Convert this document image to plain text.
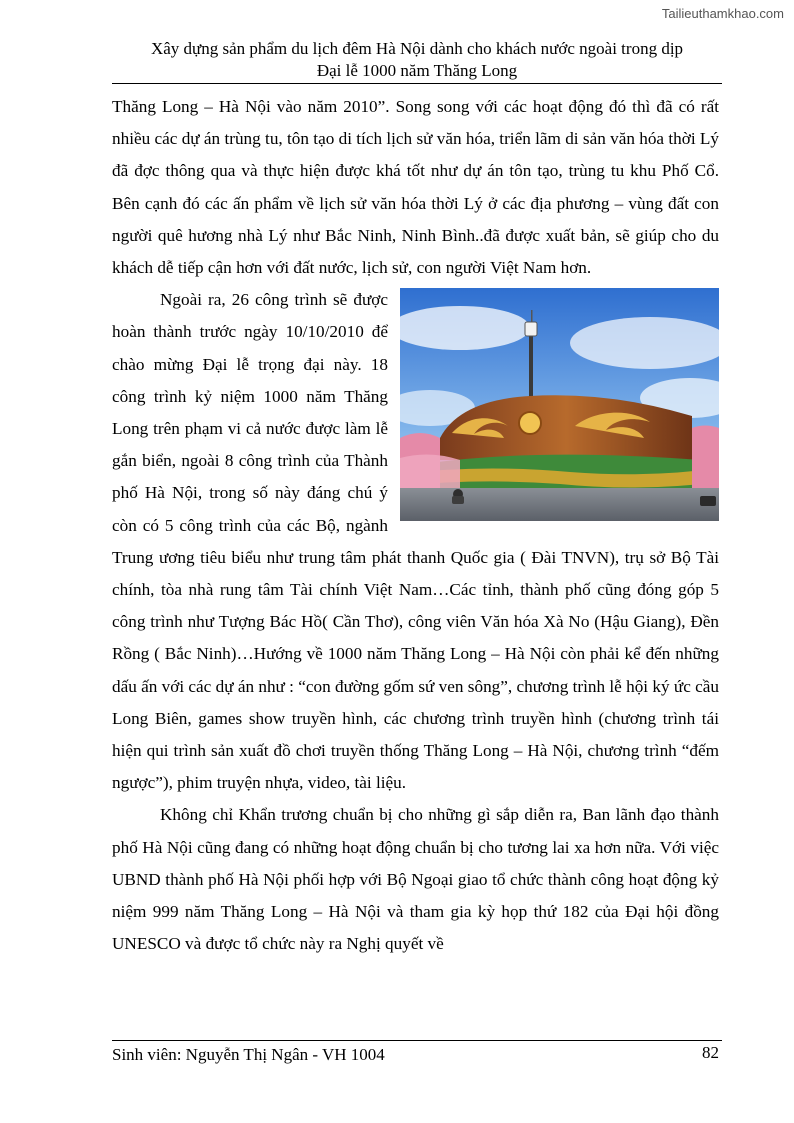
Tailieuthamkhao.com
Xây dựng sản phẩm du lịch đêm Hà Nội dành cho khách nước ngoài trong dịp
Đại lễ 1000 năm Thăng Long

Thăng Long – Hà Nội vào năm 2010”. Song song với các hoạt động đó thì đã có rất nhiều các dự án trùng tu, tôn tạo di tích lịch sử văn hóa, triển lãm di sản văn hóa thời Lý đã đợc thông qua và thực hiện được khá tốt như dự án tôn tạo, trùng tu khu Phố Cổ. Bên cạnh đó các ấn phẩm về lịch sử văn hóa thời Lý ở các địa phương – vùng đất con người quê hương nhà Lý như Bắc Ninh, Ninh Bình..đã được xuất bản, sẽ giúp cho du khách dễ tiếp cận hơn với đất nước, lịch sử, con người Việt Nam hơn.

Ngoài ra, 26 công trình sẽ được hoàn thành trước ngày 10/10/2010 để chào mừng Đại lễ trọng đại này. 18 công trình kỷ niệm 1000 năm Thăng Long trên phạm vi cả nước được làm lễ gắn biển, ngoài 8 công trình của Thành phố Hà Nội, trong số này đáng chú ý còn có 5 công trình của các Bộ, ngành Trung ương tiêu biểu như trung tâm phát thanh Quốc gia ( Đài TNVN), trụ sở Bộ Tài chính, tòa nhà rung tâm Tài chính Việt Nam…Các tỉnh, thành phố cũng đóng góp 5 công trình như Tượng Bác Hồ( Cần Thơ), công viên Văn hóa Xà No (Hậu Giang), Đền Rồng ( Bắc Ninh)…Hướng về 1000 năm Thăng Long – Hà Nội còn phải kể đến những dấu ấn với các dự án như : “con đường gốm sứ ven sông”, chương trình lễ hội ký ức cầu Long Biên, games show truyền hình, các chương trình truyền hình (chương trình tái hiện qui trình sản xuất đồ chơi truyền thống Thăng Long – Hà Nội, chương trình “đếm ngược”), phim truyện nhựa, video, tài liệu.

Không chỉ Khẩn trương chuẩn bị cho những gì sắp diễn ra, Ban lãnh đạo thành phố Hà Nội cũng đang có những hoạt động chuẩn bị cho tương lai xa hơn nữa. Với việc UBND thành phố Hà Nội phối hợp với Bộ Ngoại giao tổ chức thành công hoạt động kỷ niệm 999 năm Thăng Long – Hà Nội và tham gia kỳ họp thứ 182 của Đại hội đồng UNESCO và được tổ chức này ra Nghị quyết về

Sinh viên: Nguyễn Thị Ngân - VH 1004	82
